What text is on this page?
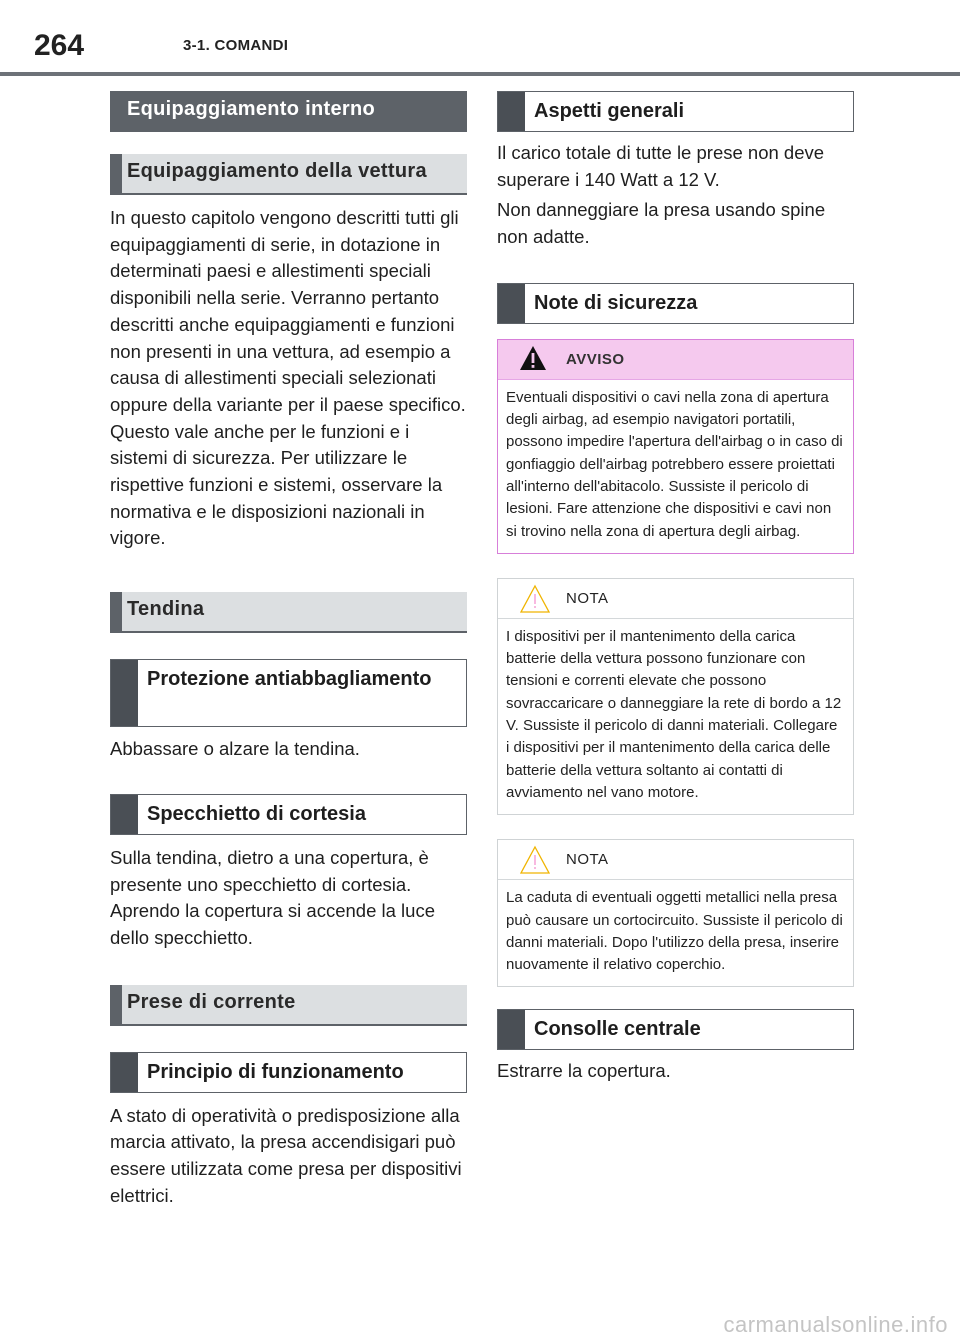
264	3-1. COMANDI
Equipaggiamento interno
Equipaggiamento della vettura

In questo capitolo vengono descritti tutti gli equipaggiamenti di serie, in dotazione in determinati paesi e allestimenti speciali disponibili nella serie. Verranno pertanto descritti anche equipaggiamenti e funzioni non presenti in una vettura, ad esempio a causa di allestimenti speciali selezionati oppure della variante per il paese specifico. Questo vale anche per le funzioni e i sistemi di sicurezza. Per utilizzare le rispettive funzioni e sistemi, osservare la normativa e le disposizioni nazionali in vigore.

Tendina
Protezione antiabbagliamento

Abbassare o alzare la tendina.

Specchietto di cortesia

Sulla tendina, dietro a una copertura, è presente uno specchietto di cortesia. Aprendo la copertura si accende la luce dello specchietto.

Prese di corrente
Principio di funzionamento

A stato di operatività o predisposizione alla marcia attivato, la presa accendisigari può essere utilizzata come presa per dispositivi elettrici.

Aspetti generali

Il carico totale di tutte le prese non deve superare i 140 Watt a 12 V.

Non danneggiare la presa usando spine non adatte.

Note di sicurezza
AVVISO
Eventuali dispositivi o cavi nella zona di apertura degli airbag, ad esempio navigatori portatili, possono impedire l'apertura dell'airbag o in caso di gonfiaggio dell'airbag potrebbero essere proiettati all'interno dell'abitacolo. Sussiste il pericolo di lesioni. Fare attenzione che dispositivi e cavi non si trovino nella zona di apertura degli airbag.
NOTA
I dispositivi per il mantenimento della carica batterie della vettura possono funzionare con tensioni e correnti elevate che possono sovraccaricare o danneggiare la rete di bordo a 12 V. Sussiste il pericolo di danni materiali. Collegare i dispositivi per il mantenimento della carica delle batterie della vettura soltanto ai contatti di avviamento nel vano motore.
NOTA
La caduta di eventuali oggetti metallici nella presa può causare un cortocircuito. Sussiste il pericolo di danni materiali. Dopo l'utilizzo della presa, inserire nuovamente il relativo coperchio.
Consolle centrale

Estrarre la copertura.

carmanualsonline.info
